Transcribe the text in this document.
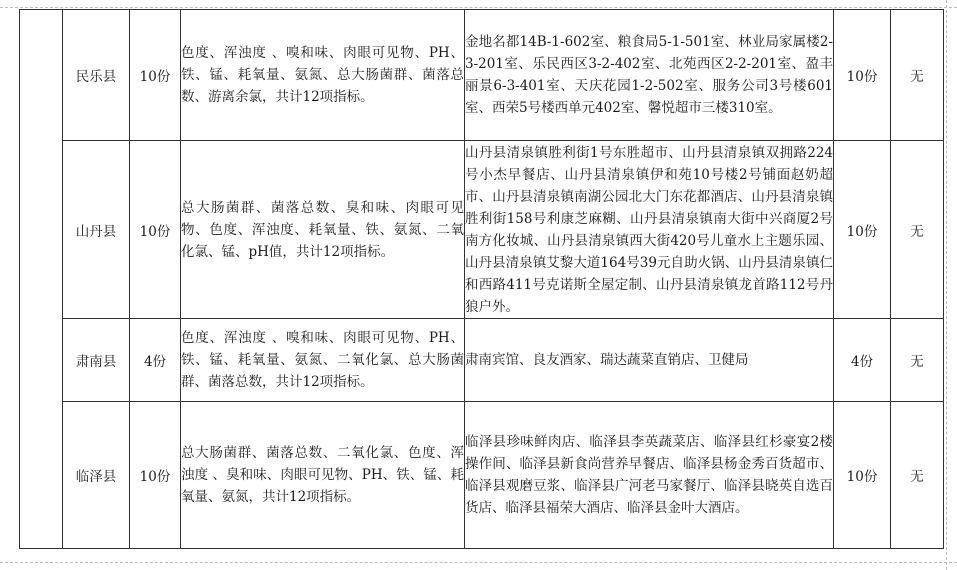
	民乐县	10份	色度、浑浊度 、嗅和味、肉眼可见物、PH、铁、锰、耗氧量、氨氮、总大肠菌群、菌落总数、游离余氯，共计12项指标。	金地名都14B-1-602室、粮食局5-1-501室、林业局家属楼2-3-201室、乐民西区3-2-402室、北苑西区2-2-201室、盈丰丽景6-3-401室、天庆花园1-2-502室、服务公司3号楼601室、西荣5号楼西单元402室、馨悦超市三楼310室。	10份	无
	山丹县	10份	总大肠菌群、菌落总数、臭和味、肉眼可见物、色度、浑浊度、耗氧量、铁、氨氮、二氧化氯、锰、pH值，共计12项指标。	山丹县清泉镇胜利街1号东胜超市、山丹县清泉镇双拥路224号小杰早餐店、山丹县清泉镇伊和苑10号楼2号铺面赵奶超市、山丹县清泉镇南湖公园北大门东花都酒店、山丹县清泉镇胜利街158号利康芝麻糊、山丹县清泉镇南大街中兴商厦2号南方化妆城、山丹县清泉镇西大街420号儿童水上主题乐园、山丹县清泉镇艾黎大道164号39元自助火锅、山丹县清泉镇仁和西路411号克诺斯全屋定制、山丹县清泉镇龙首路112号丹狼户外。	10份	无
	肃南县	4份	色度、浑浊度 、嗅和味、肉眼可见物、PH、铁、锰、耗氧量、氨氮、二氧化氯、总大肠菌群、菌落总数，共计12项指标。	肃南宾馆、良友酒家、瑞达蔬菜直销店、卫健局	4份	无
	临泽县	10份	总大肠菌群、菌落总数、二氧化氯、色度、浑浊度 、臭和味、肉眼可见物、PH、铁、锰、耗氧量、氨氮，共计12项指标。	临泽县珍味鲜肉店、临泽县李英蔬菜店、临泽县红杉豪宴2楼操作间、临泽县新食尚营养早餐店、临泽县杨金秀百货超市、临泽县观磨豆浆、临泽县广河老马家餐厅、临泽县晓英自选百货店、临泽县福荣大酒店、临泽县金叶大酒店。	10份	无
